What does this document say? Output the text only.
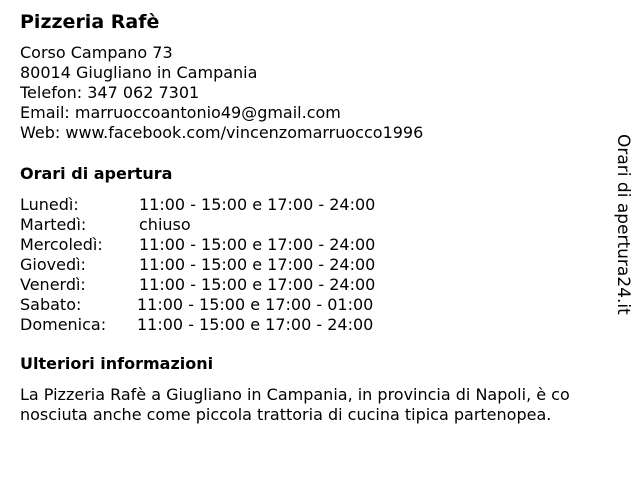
Pizzeria Rafè
Corso Campano 73
80014 Giugliano in Campania
Telefon: 347 062 7301
Email: marruoccoantonio49@gmail.com
Web: www.facebook.com/vincenzomarruocco1996
Orari di apertura
Lunedì:	11:00 - 15:00 e 17:00 - 24:00
Martedì:	chiuso
Mercoledì: 11:00 - 15:00 e 17:00 - 24:00
Giovedì:	11:00 - 15:00 e 17:00 - 24:00
Venerdì:	11:00 - 15:00 e 17:00 - 24:00
Sabato:	11:00 - 15:00 e 17:00 - 01:00
Domenica: 11:00 - 15:00 e 17:00 - 24:00
Ulteriori informazioni
La Pizzeria Rafè a Giugliano in Campania, in provincia di Napoli, è co
nosciuta anche come piccola trattoria di cucina tipica partenopea.
Orari di apertura24.it
